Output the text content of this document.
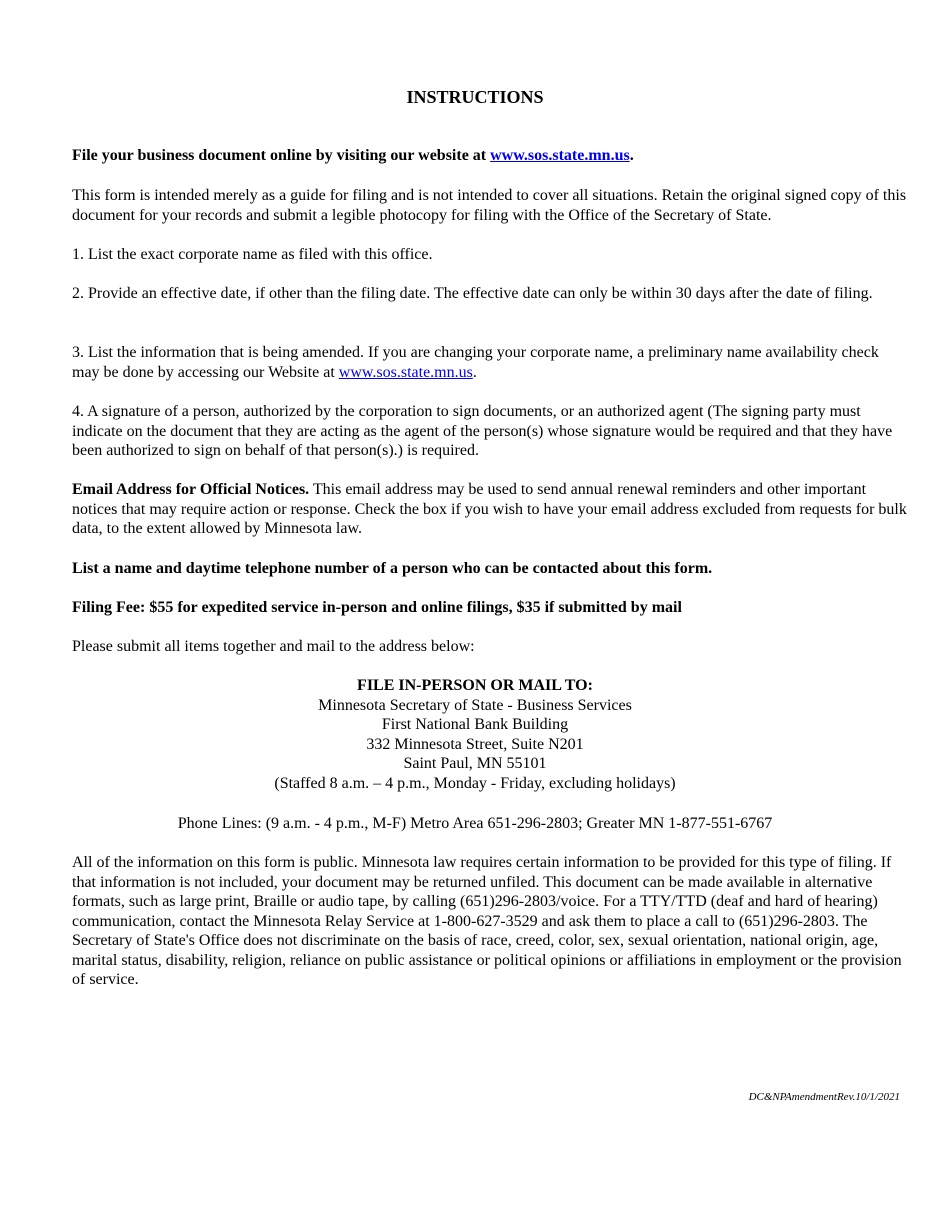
INSTRUCTIONS

File your business document online by visiting our website at www.sos.state.mn.us.

This form is intended merely as a guide for filing and is not intended to cover all situations. Retain the original signed copy of this document for your records and submit a legible photocopy for filing with the Office of the Secretary of State.

1. List the exact corporate name as filed with this office.

2. Provide an effective date, if other than the filing date. The effective date can only be within 30 days after the date of filing.

3. List the information that is being amended. If you are changing your corporate name, a preliminary name availability check may be done by accessing our Website at www.sos.state.mn.us.

4. A signature of a person, authorized by the corporation to sign documents, or an authorized agent (The signing party must indicate on the document that they are acting as the agent of the person(s) whose signature would be required and that they have been authorized to sign on behalf of that person(s).) is required.

Email Address for Official Notices. This email address may be used to send annual renewal reminders and other important notices that may require action or response. Check the box if you wish to have your email address excluded from requests for bulk data, to the extent allowed by Minnesota law.

List a name and daytime telephone number of a person who can be contacted about this form.

Filing Fee: $55 for expedited service in-person and online filings, $35 if submitted by mail

Please submit all items together and mail to the address below:

FILE IN-PERSON OR MAIL TO:
Minnesota Secretary of State - Business Services
First National Bank Building
332 Minnesota Street, Suite N201
Saint Paul, MN 55101
(Staffed 8 a.m. – 4 p.m., Monday - Friday, excluding holidays)

Phone Lines: (9 a.m. - 4 p.m., M-F) Metro Area 651-296-2803; Greater MN 1-877-551-6767

All of the information on this form is public. Minnesota law requires certain information to be provided for this type of filing. If that information is not included, your document may be returned unfiled. This document can be made available in alternative formats, such as large print, Braille or audio tape, by calling (651)296-2803/voice. For a TTY/TTD (deaf and hard of hearing) communication, contact the Minnesota Relay Service at 1-800-627-3529 and ask them to place a call to (651)296-2803. The Secretary of State's Office does not discriminate on the basis of race, creed, color, sex, sexual orientation, national origin, age, marital status, disability, religion, reliance on public assistance or political opinions or affiliations in employment or the provision of service.

DC&NPAmendmentRev.10/1/2021
